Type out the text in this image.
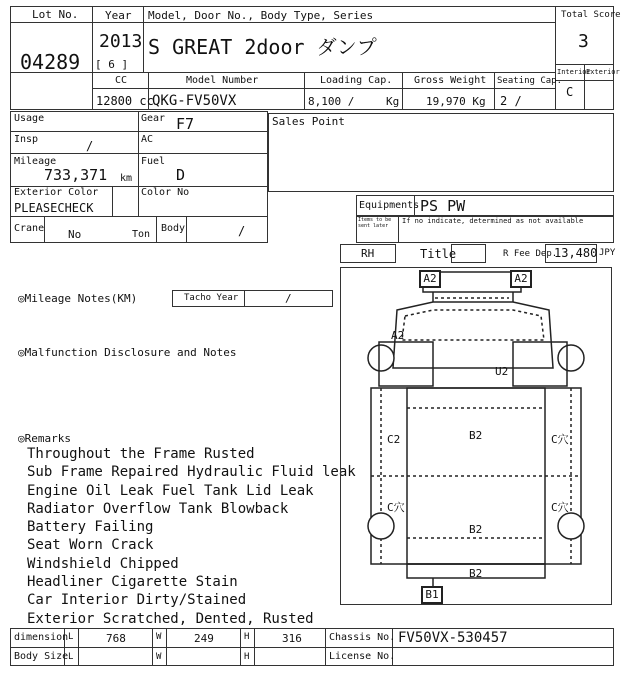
Lot No.
04289
Year
2013
[ 6 ]
Model, Door No., Body Type, Series
S GREAT 2door ダンプ
Total Score
3
Interior
Exterior
C
CC
12800 cc
Model Number
QKG-FV50VX
Loading Cap.
8,100 /	Kg
Gross Weight
19,970 Kg
Seating Cap.
2 /
Usage	Gear F7	Sales Point
Insp	/	AC
Mileage
733,371 km
Fuel
D
Exterior Color
PLEASECHECK
Color No
Crane No	Ton
Body	/
Equipments PS PW
Items to be sent later
If no indicate, determined as not available
RH	Title	R Fee Dep.
13,480 JPY
◎Mileage Notes(KM)	Tacho Year	/
◎Malfunction Disclosure and Notes
◎Remarks
Throughout the Frame Rusted
Sub Frame Repaired Hydraulic Fluid leak
Engine Oil Leak Fuel Tank Lid Leak
Radiator Overflow Tank Blowback
Battery Failing
Seat Worn Crack
Windshield Chipped
Headliner Cigarette Stain
Car Interior Dirty/Stained
Exterior Scratched, Dented, Rusted
A2	A2
A2
U2
C2	B2	C穴
C穴	C穴
B2
B2
B1
dimension L	768	W	249	H	316	Chassis No. FV50VX-530457
Body Size L	W	H	License No.
